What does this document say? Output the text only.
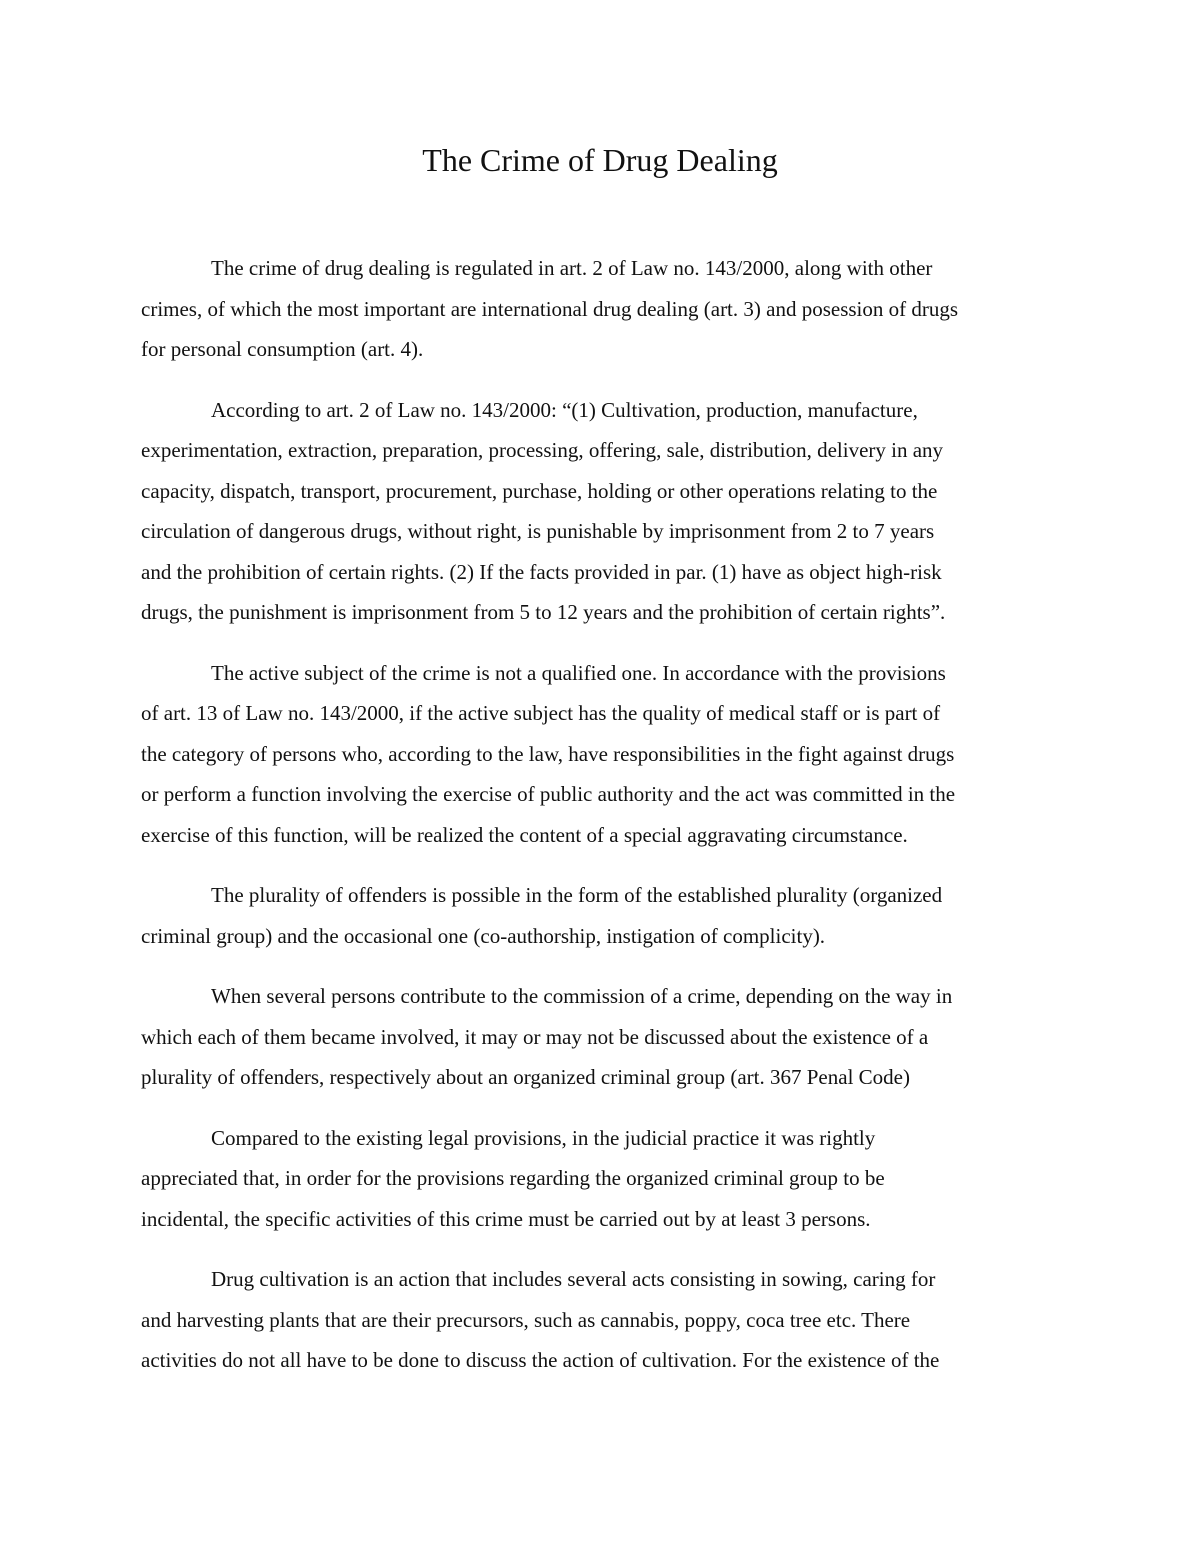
The Crime of Drug Dealing

The crime of drug dealing is regulated in art. 2 of Law no. 143/2000, along with other
crimes, of which the most important are international drug dealing (art. 3) and posession of drugs
for personal consumption (art. 4).

According to art. 2 of Law no. 143/2000: “(1) Cultivation, production, manufacture,
experimentation, extraction, preparation, processing, offering, sale, distribution, delivery in any
capacity, dispatch, transport, procurement, purchase, holding or other operations relating to the
circulation of dangerous drugs, without right, is punishable by imprisonment from 2 to 7 years
and the prohibition of certain rights. (2) If the facts provided in par. (1) have as object high-risk
drugs, the punishment is imprisonment from 5 to 12 years and the prohibition of certain rights”.

The active subject of the crime is not a qualified one. In accordance with the provisions
of art. 13 of Law no. 143/2000, if the active subject has the quality of medical staff or is part of
the category of persons who, according to the law, have responsibilities in the fight against drugs
or perform a function involving the exercise of public authority and the act was committed in the
exercise of this function, will be realized the content of a special aggravating circumstance.

The plurality of offenders is possible in the form of the established plurality (organized
criminal group) and the occasional one (co-authorship, instigation of complicity).

When several persons contribute to the commission of a crime, depending on the way in
which each of them became involved, it may or may not be discussed about the existence of a
plurality of offenders, respectively about an organized criminal group (art. 367 Penal Code)

Compared to the existing legal provisions, in the judicial practice it was rightly
appreciated that, in order for the provisions regarding the organized criminal group to be
incidental, the specific activities of this crime must be carried out by at least 3 persons.

Drug cultivation is an action that includes several acts consisting in sowing, caring for
and harvesting plants that are their precursors, such as cannabis, poppy, coca tree etc. There
activities do not all have to be done to discuss the action of cultivation. For the existence of the
